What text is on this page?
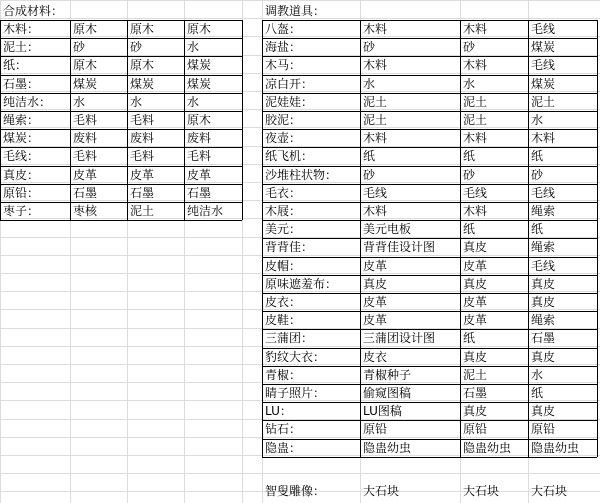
合成材料：
木料：	原木	原木	原木
泥土：	砂	砂	水
纸：	原木	原木	煤炭
石墨：	煤炭	煤炭	煤炭
纯洁水：	水	水	水
绳索：	毛料	毛料	原木
煤炭：	废料	废料	废料
毛线：	毛料	毛料	毛料
真皮：	皮革	皮革	皮革
原铅：	石墨	石墨	石墨
枣子：	枣核	泥土	纯洁水
调教道具：
八盔：	木料	木料	毛线
海盐：	砂	砂	煤炭
木马：	木料	木料	毛线
凉白开：	水	水	煤炭
泥娃娃：	泥土	泥土	泥土
胶泥：	泥土	泥土	水
夜壶：	木料	木料	木料
纸飞机：	纸	纸	纸
沙堆柱状物：	砂	砂	砂
毛衣：	毛线	毛线	毛线
木屐：	木料	木料	绳索
美元：	美元电板	纸	纸
背背佳：	背背佳设计图	真皮	绳索
皮帽：	皮革	皮革	毛线
原味遮羞布：	真皮	真皮	真皮
皮衣：	皮革	皮革	真皮
皮鞋：	皮革	皮革	绳索
三蒲团：	三蒲团设计图	纸	石墨
豹纹大衣：	皮衣	真皮	真皮
青椒：	青椒种子	泥土	水
睛子照片：	偷窥图稿	石墨	纸
LU：	LU图稿	真皮	真皮
钻石：	原铅	原铅	原铅
隐蛊：	隐蛊幼虫	隐蛊幼虫	隐蛊幼虫
智叟雕像：	大石块	大石块	大石块
